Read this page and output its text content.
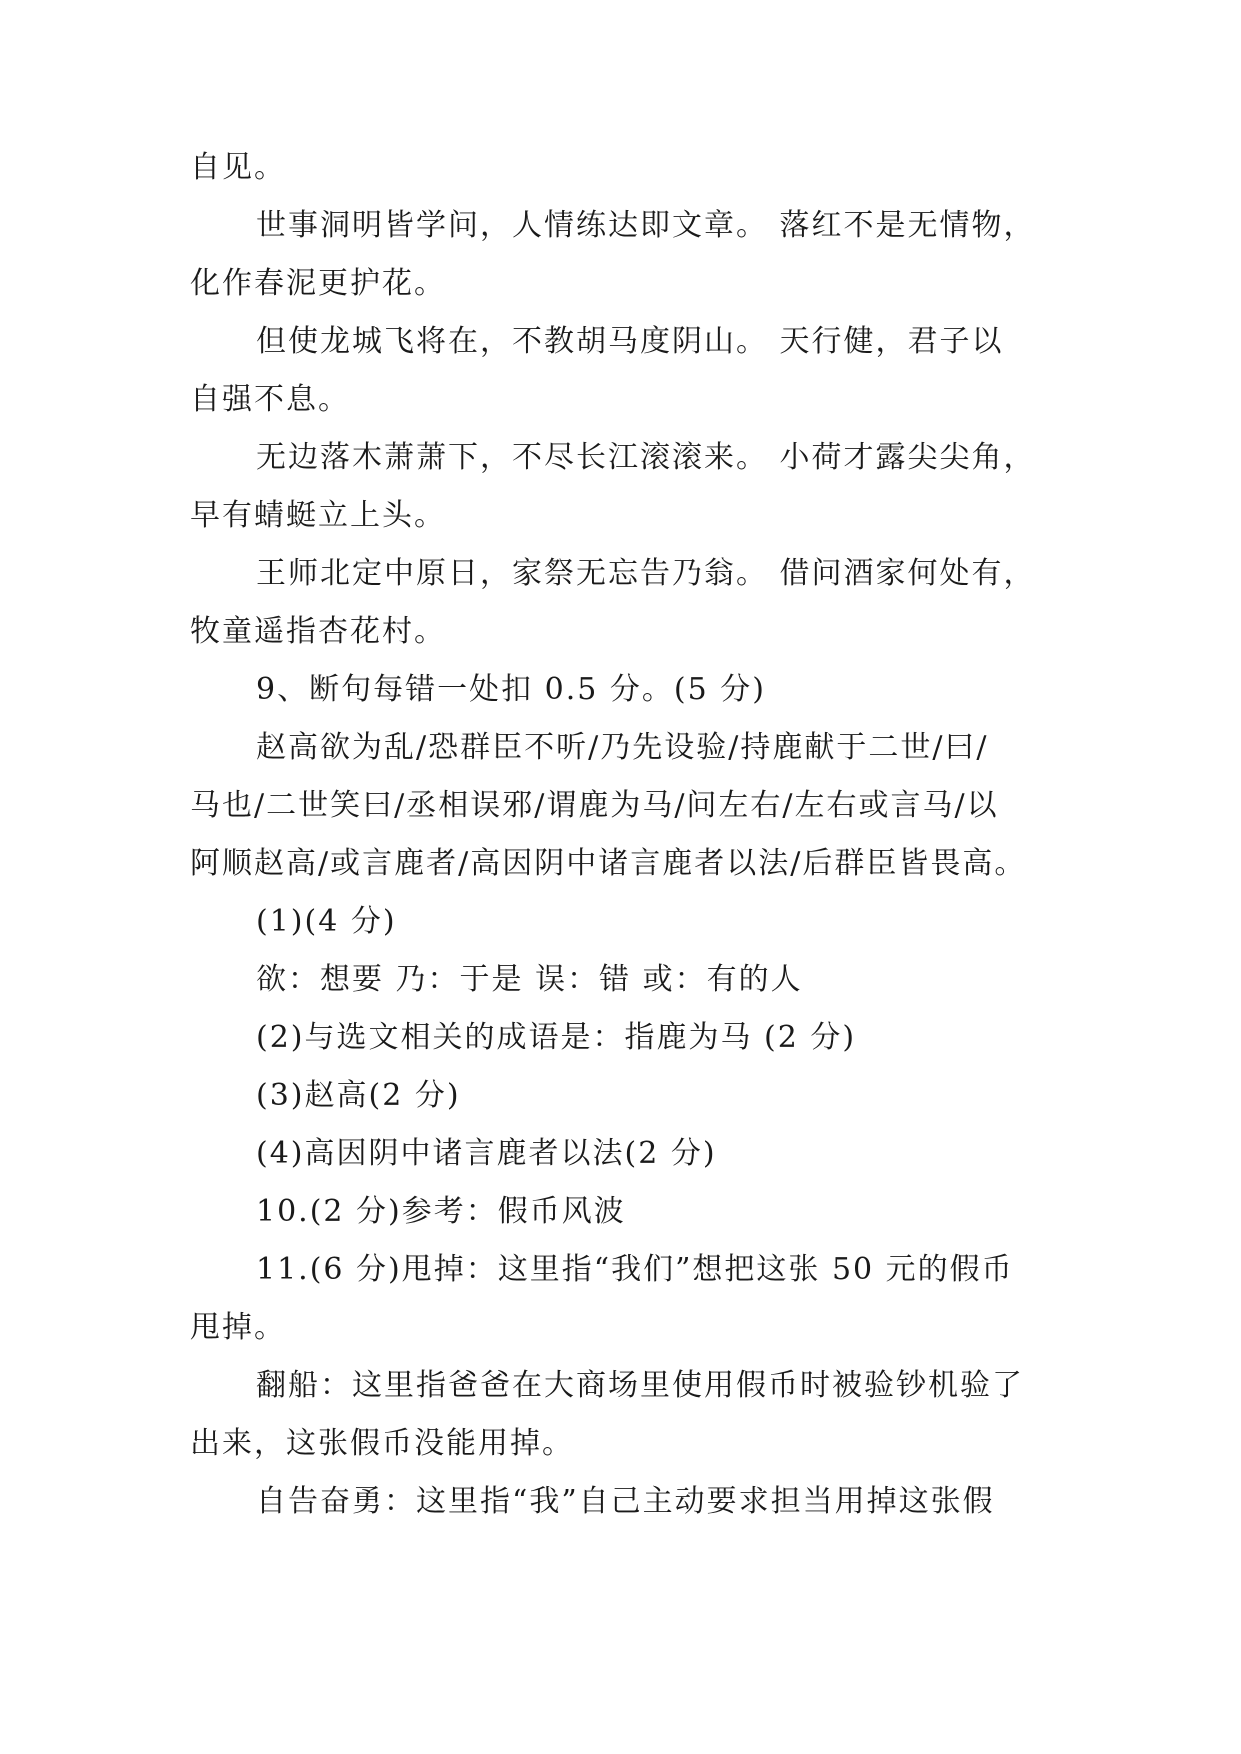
自见。
世事洞明皆学问，人情练达即文章。 落红不是无情物，
化作春泥更护花。
但使龙城飞将在，不教胡马度阴山。 天行健，君子以
自强不息。
无边落木萧萧下，不尽长江滚滚来。 小荷才露尖尖角，
早有蜻蜓立上头。
王师北定中原日，家祭无忘告乃翁。 借问酒家何处有，
牧童遥指杏花村。
9、断句每错一处扣 0.5 分。(5 分)
赵高欲为乱/恐群臣不听/乃先设验/持鹿献于二世/曰/
马也/二世笑曰/丞相误邪/谓鹿为马/问左右/左右或言马/以
阿顺赵高/或言鹿者/高因阴中诸言鹿者以法/后群臣皆畏高。
(1)(4 分)
欲：想要 乃：于是 误：错 或：有的人
(2)与选文相关的成语是：指鹿为马 (2 分)
(3)赵高(2 分)
(4)高因阴中诸言鹿者以法(2 分)
10.(2 分)参考：假币风波
11.(6 分)甩掉：这里指“我们”想把这张 50 元的假币
甩掉。
翻船：这里指爸爸在大商场里使用假币时被验钞机验了
出来，这张假币没能用掉。
自告奋勇：这里指“我”自己主动要求担当用掉这张假
